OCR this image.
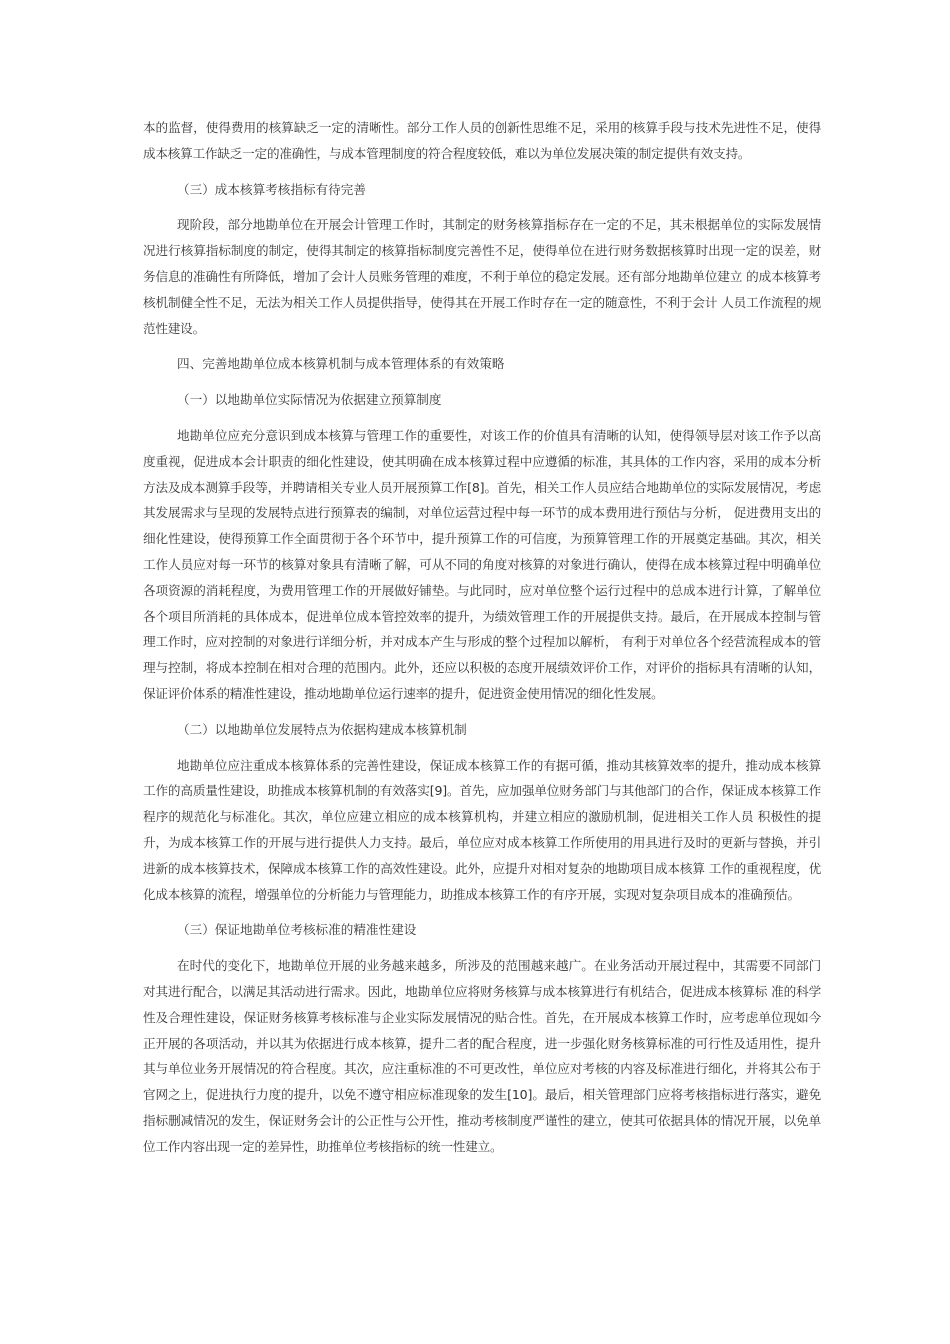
本的监督，使得费用的核算缺乏一定的清晰性。部分工作人员的创新性思维不足，采用的核算手段与技术先进性不足，使得成本核算工作缺乏一定的准确性，与成本管理制度的符合程度较低，难以为单位发展决策的制定提供有效支持。

（三）成本核算考核指标有待完善

现阶段，部分地勘单位在开展会计管理工作时，其制定的财务核算指标存在一定的不足，其未根据单位的实际发展情况进行核算指标制度的制定，使得其制定的核算指标制度完善性不足，使得单位在进行财务数据核算时出现一定的误差，财务信息的准确性有所降低，增加了会计人员账务管理的难度，不利于单位的稳定发展。还有部分地勘单位建立 的成本核算考核机制健全性不足，无法为相关工作人员提供指导，使得其在开展工作时存在一定的随意性，不利于会计 人员工作流程的规范性建设。

四、完善地勘单位成本核算机制与成本管理体系的有效策略

（一）以地勘单位实际情况为依据建立预算制度

地勘单位应充分意识到成本核算与管理工作的重要性，对该工作的价值具有清晰的认知，使得领导层对该工作予以高度重视，促进成本会计职责的细化性建设，使其明确在成本核算过程中应遵循的标准，其具体的工作内容，采用的成本分析方法及成本测算手段等，并聘请相关专业人员开展预算工作[8]。首先，相关工作人员应结合地勘单位的实际发展情况，考虑其发展需求与呈现的发展特点进行预算表的编制，对单位运营过程中每一环节的成本费用进行预估与分析， 促进费用支出的细化性建设，使得预算工作全面贯彻于各个环节中，提升预算工作的可信度，为预算管理工作的开展奠定基础。其次，相关工作人员应对每一环节的核算对象具有清晰了解，可从不同的角度对核算的对象进行确认，使得在成本核算过程中明确单位各项资源的消耗程度，为费用管理工作的开展做好铺垫。与此同时，应对单位整个运行过程中的总成本进行计算，了解单位各个项目所消耗的具体成本，促进单位成本管控效率的提升，为绩效管理工作的开展提供支持。最后，在开展成本控制与管理工作时，应对控制的对象进行详细分析，并对成本产生与形成的整个过程加以解析， 有利于对单位各个经营流程成本的管理与控制，将成本控制在相对合理的范围内。此外，还应以积极的态度开展绩效评价工作，对评价的指标具有清晰的认知，保证评价体系的精准性建设，推动地勘单位运行速率的提升，促进资金使用情况的细化性发展。

（二）以地勘单位发展特点为依据构建成本核算机制

地勘单位应注重成本核算体系的完善性建设，保证成本核算工作的有据可循，推动其核算效率的提升，推动成本核算工作的高质量性建设，助推成本核算机制的有效落实[9]。首先，应加强单位财务部门与其他部门的合作，保证成本核算工作程序的规范化与标准化。其次，单位应建立相应的成本核算机构，并建立相应的激励机制，促进相关工作人员 积极性的提升，为成本核算工作的开展与进行提供人力支持。最后，单位应对成本核算工作所使用的用具进行及时的更新与替换，并引进新的成本核算技术，保障成本核算工作的高效性建设。此外，应提升对相对复杂的地勘项目成本核算 工作的重视程度，优化成本核算的流程，增强单位的分析能力与管理能力，助推成本核算工作的有序开展，实现对复杂项目成本的准确预估。

（三）保证地勘单位考核标准的精准性建设

在时代的变化下，地勘单位开展的业务越来越多，所涉及的范围越来越广。在业务活动开展过程中，其需要不同部门对其进行配合，以满足其活动进行需求。因此，地勘单位应将财务核算与成本核算进行有机结合，促进成本核算标 准的科学性及合理性建设，保证财务核算考核标准与企业实际发展情况的贴合性。首先，在开展成本核算工作时，应考虑单位现如今正开展的各项活动，并以其为依据进行成本核算，提升二者的配合程度，进一步强化财务核算标准的可行性及适用性，提升其与单位业务开展情况的符合程度。其次，应注重标准的不可更改性，单位应对考核的内容及标准进行细化，并将其公布于官网之上，促进执行力度的提升，以免不遵守相应标准现象的发生[10]。最后，相关管理部门应将考核指标进行落实，避免指标删减情况的发生，保证财务会计的公正性与公开性，推动考核制度严谨性的建立，使其可依据具体的情况开展，以免单位工作内容出现一定的差异性，助推单位考核指标的统一性建立。
